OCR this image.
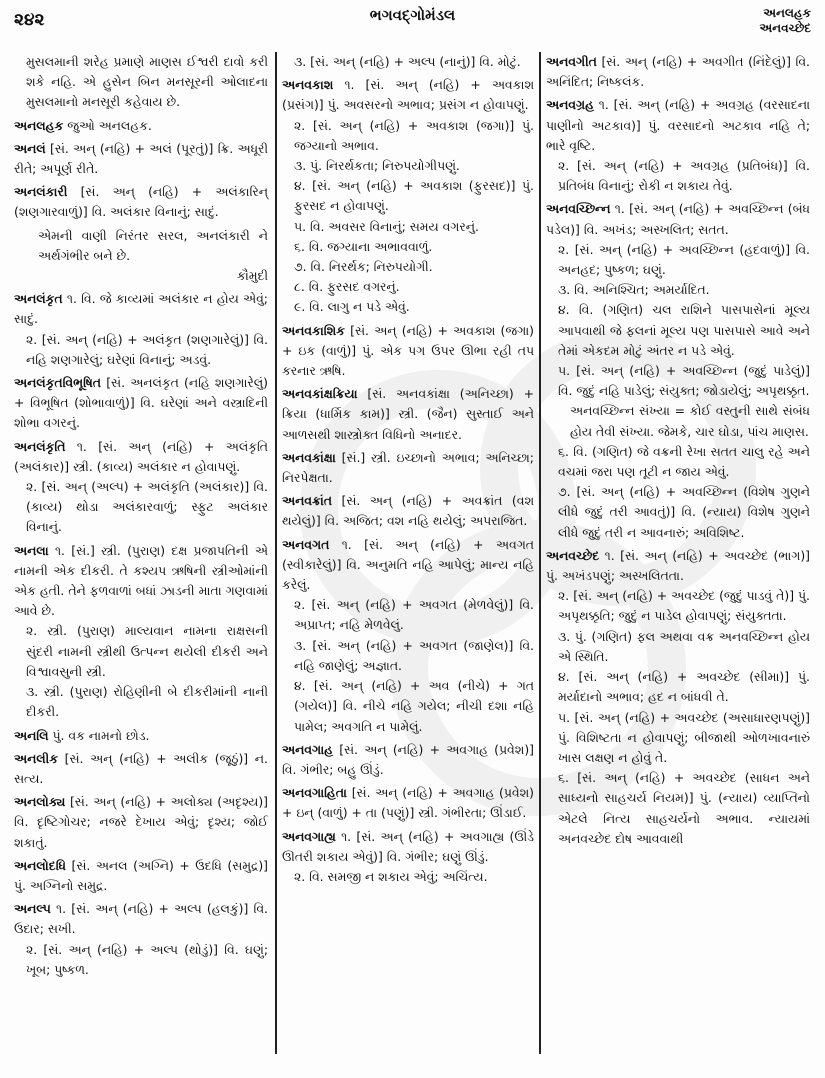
૨૪૨	ભગવદ્ગોમંડલ	અનલહક
અનવચ્છેદ
મુસલમાની શરેહ પ્રમાણે માણસ ઈશ્વરી દાવો કરી શકે નહિ. એ હુસેન બિન મનસૂરની ઓલાદના મુસલમાનો મનસૂરી કહેવાય છે.
અનલહક જુઓ અનલહક.
અનલં [સં. અન્ (નહિ) + અલં (પૂરતું)] ક્રિ. અધૂરી રીતે; અપૂર્ણ રીતે.
અનલંકારી [સં. અન્ (નહિ) + અલંકારિન્ (શણગારવાળું)] વિ. અલંકાર વિનાનું; સાદું.
એમની વાણી નિરંતર સરલ, અનલંકારી ને અર્થગંભીર બને છે.
કૌમુદી
અનલંકૃત ૧. વિ. જે કાવ્યમાં અલંકાર ન હોય એવું; સાદું.
૨. [સં. અન્ (નહિ) + અલંકૃત (શણગારેલું)] વિ. નહિ શણગારેલું; ઘરેણાં વિનાનું; અડવું.
અનલંકૃતવિભૂષિત [સં. અનલંકૃત (નહિ શણગારેલું) + વિભૂષિત (શોભાવાળું)] વિ. ઘરેણાં અને વસ્ત્રાદિની શોભા વગરનું.
અનલંકૃતિ ૧. [સં. અન્ (નહિ) + અલંકૃતિ (અલંકાર)] સ્ત્રી. (કાવ્ય) અલંકાર ન હોવાપણું.
૨. [સં. અન્ (અલ્પ) + અલંકૃતિ (અલંકાર)] વિ. (કાવ્ય) થોડા અલંકારવાળું; સ્ફુટ અલંકાર વિનાનું.
અનલા ૧. [સં.] સ્ત્રી. (પુરાણ) દક્ષ પ્રજાપતિની એ નામની એક દીકરી. તે કશ્યપ ઋષિની સ્ત્રીઓમાંની એક હતી. તેને ફળવાળાં બધાં ઝાડની માતા ગણવામાં આવે છે.
૨. સ્ત્રી. (પુરાણ) માલ્યવાન નામના રાક્ષસની સુંદરી નામની સ્ત્રીથી ઉત્પન્ન થયેલી દીકરી અને વિશ્વાવસુની સ્ત્રી.
૩. સ્ત્રી. (પુરાણ) રોહિણીની બે દીકરીમાંની નાની દીકરી.
અનલિ પું. વક નામનો છોડ.
અનલીક [સં. અન્ (નહિ) + અલીક (જૂઠું)] ન. સત્ય.
અનલોક્ય [સં. અન્ (નહિ) + અલોક્ય (અદૃશ્ય)] વિ. દૃષ્ટિગોચર; નજરે દેખાય એવું; દૃશ્ય; જોઈ શકાતું.
અનલોદધિ [સં. અનલ (અગ્નિ) + ઉદધિ (સમુદ્ર)] પું. અગ્નિનો સમુદ્ર.
અનલ્પ ૧. [સં. અન્ (નહિ) + અલ્પ (હલકું)] વિ. ઉદાર; સખી.
૨. [સં. અન્ (નહિ) + અલ્પ (થોડું)] વિ. ઘણું; ખૂબ; પુષ્કળ.
૩. [સં. અન્ (નહિ) + અલ્પ (નાનું)] વિ. મોટું.
અનવકાશ ૧. [સં. અન્ (નહિ) + અવકાશ (પ્રસંગ)] પું. અવસરનો અભાવ; પ્રસંગ ન હોવાપણું.
૨. [સં. અન્ (નહિ) + અવકાશ (જગા)] પું. જગ્યાનો અભાવ.
૩. પું. નિરર્થકતા; નિરુપયોગીપણું.
૪. [સં. અન્ (નહિ) + અવકાશ (ફુરસદ)] પું. ફુરસદ ન હોવાપણું.
૫. વિ. અવસર વિનાનું; સમય વગરનું.
૬. વિ. જગ્યાના અભાવવાળું.
૭. વિ. નિરર્થક; નિરુપયોગી.
૮. વિ. ફુરસદ વગરનું.
૯. વિ. લાગુ ન પડે એવું.
અનવકાશિક [સં. અન્ (નહિ) + અવકાશ (જગા) + ઇક (વાળું)] પું. એક પગ ઉપર ઊભા રહી તપ કરનાર ઋષિ.
અનવકાંક્ષક્રિયા [સં. અનવકાંક્ષા (અનિચ્છા) + ક્રિયા (ધાર્મિક કામ)] સ્ત્રી. (જૈન) સુસ્તાઈ અને આળસથી શાસ્ત્રોક્ત વિધિનો અનાદર.
અનવકાંક્ષા [સં.] સ્ત્રી. ઇચ્છાનો અભાવ; અનિચ્છા; નિરપેક્ષતા.
અનવક્રાંત [સં. અન્ (નહિ) + અવક્રાંત (વશ થયેલું)] વિ. અજિત; વશ નહિ થયેલું; અપરાજિત.
અનવગત ૧. [સં. અન્ (નહિ) + અવગત (સ્વીકારેલું)] વિ. અનુમતિ નહિ આપેલું; માન્ય નહિ કરેલું.
૨. [સં. અન્ (નહિ) + અવગત (મેળવેલું)] વિ. અપ્રાપ્ત; નહિ મેળવેલું.
૩. [સં. અન્ (નહિ) + અવગત (જાણેલ)] વિ. નહિ જાણેલું; અજ્ઞાત.
૪. [સં. અન્ (નહિ) + અવ (નીચે) + ગત (ગયેલ)] વિ. નીચે નહિ ગયેલ; નીચી દશા નહિ પામેલ; અવગતિ ન પામેલું.
અનવગાહ [સં. અન્ (નહિ) + અવગાહ (પ્રવેશ)] વિ. ગંભીર; બહુ ઊંડું.
અનવગાહિતા [સં. અન્ (નહિ) + અવગાહ (પ્રવેશ) + ઇન્ (વાળું) + તા (પણું)] સ્ત્રી. ગંભીરતા; ઊંડાઈ.
અનવગાહ્ય ૧. [સં. અન્ (નહિ) + અવગાહ્ય (ઊંડે ઊતરી શકાય એવું)] વિ. ગંભીર; ઘણું ઊંડું.
૨. વિ. સમજી ન શકાય એવું; અચિંત્ય.
અનવગીત [સં. અન્ (નહિ) + અવગીત (નિંદેલું)] વિ. અનિંદિત; નિષ્કલંક.
અનવગ્રહ ૧. [સં. અન્ (નહિ) + અવગ્રહ (વરસાદના પાણીનો અટકાવ)] પું. વરસાદનો અટકાવ નહિ તે; ભારે વૃષ્ટિ.
૨. [સં. અન્ (નહિ) + અવગ્રહ (પ્રતિબંધ)] વિ. પ્રતિબંધ વિનાનું; રોકી ન શકાય તેવું.
અનવચ્છિન્ન ૧. [સં. અન્ (નહિ) + અવચ્છિન્ન (બંધ પડેલ)] વિ. અખંડ; અસ્ખલિત; સતત.
૨. [સં. અન્ (નહિ) + અવચ્છિન્ન (હદવાળું)] વિ. અનહદ; પુષ્કળ; ઘણું.
૩. વિ. અનિશ્ચિત; અમર્યાદિત.
૪. વિ. (ગણિત) ચલ રાશિને પાસપાસેનાં મૂલ્ય આપવાથી જે ફલનાં મૂલ્ય પણ પાસપાસે આવે અને તેમાં એકદમ મોટું અંતર ન પડે એવું.
૫. [સં. અન્ (નહિ) + અવચ્છિન્ન (જુદું પાડેલું)] વિ. જુદું નહિ પાડેલું; સંયુક્ત; જોડાયેલું; અપૃથક્કૃત.
અનવચ્છિન્ન સંખ્યા = કોઈ વસ્તુની સાથે સંબંધ હોય તેવી સંખ્યા. જેમકે, ચાર ઘોડા, પાંચ માણસ.
૬. વિ. (ગણિત) જે વક્રની રેખા સતત ચાલુ રહે અને વચમાં જરા પણ તૂટી ન જાય એવું.
૭. [સં. અન્ (નહિ) + અવચ્છિન્ન (વિશેષ ગુણને લીધે જુદું તરી આવતું)] વિ. (ન્યાય) વિશેષ ગુણને લીધે જુદું તરી ન આવનારું; અવિશિષ્ટ.
અનવચ્છેદ ૧. [સં. અન્ (નહિ) + અવચ્છેદ (ભાગ)] પું. અખંડપણું; અસ્ખલિતતા.
૨. [સં. અન્ (નહિ) + અવચ્છેદ (જુદું પાડવું તે)] પું. અપૃથક્કૃતિ; જુદું ન પાડેલ હોવાપણું; સંયુક્તતા.
૩. પું. (ગણિત) ફલ અથવા વક્ર અનવચ્છિન્ન હોય એ સ્થિતિ.
૪. [સં. અન્ (નહિ) + અવચ્છેદ (સીમા)] પું. મર્યાદાનો અભાવ; હદ ન બાંધવી તે.
૫. [સં. અન્ (નહિ) + અવચ્છેદ (અસાધારણપણું)] પું. વિશિષ્ટતા ન હોવાપણું; બીજાથી ઓળખાવનારું ખાસ લક્ષણ ન હોવું તે.
૬. [સં. અન્ (નહિ) + અવચ્છેદ (સાધન અને સાધ્યનો સાહચર્ય નિયમ)] પું. (ન્યાય) વ્યાપ્તિનો એટલે નિત્ય સાહચર્યનો અભાવ. ન્યાયમાં અનવચ્છેદ દોષ આવવાથી
